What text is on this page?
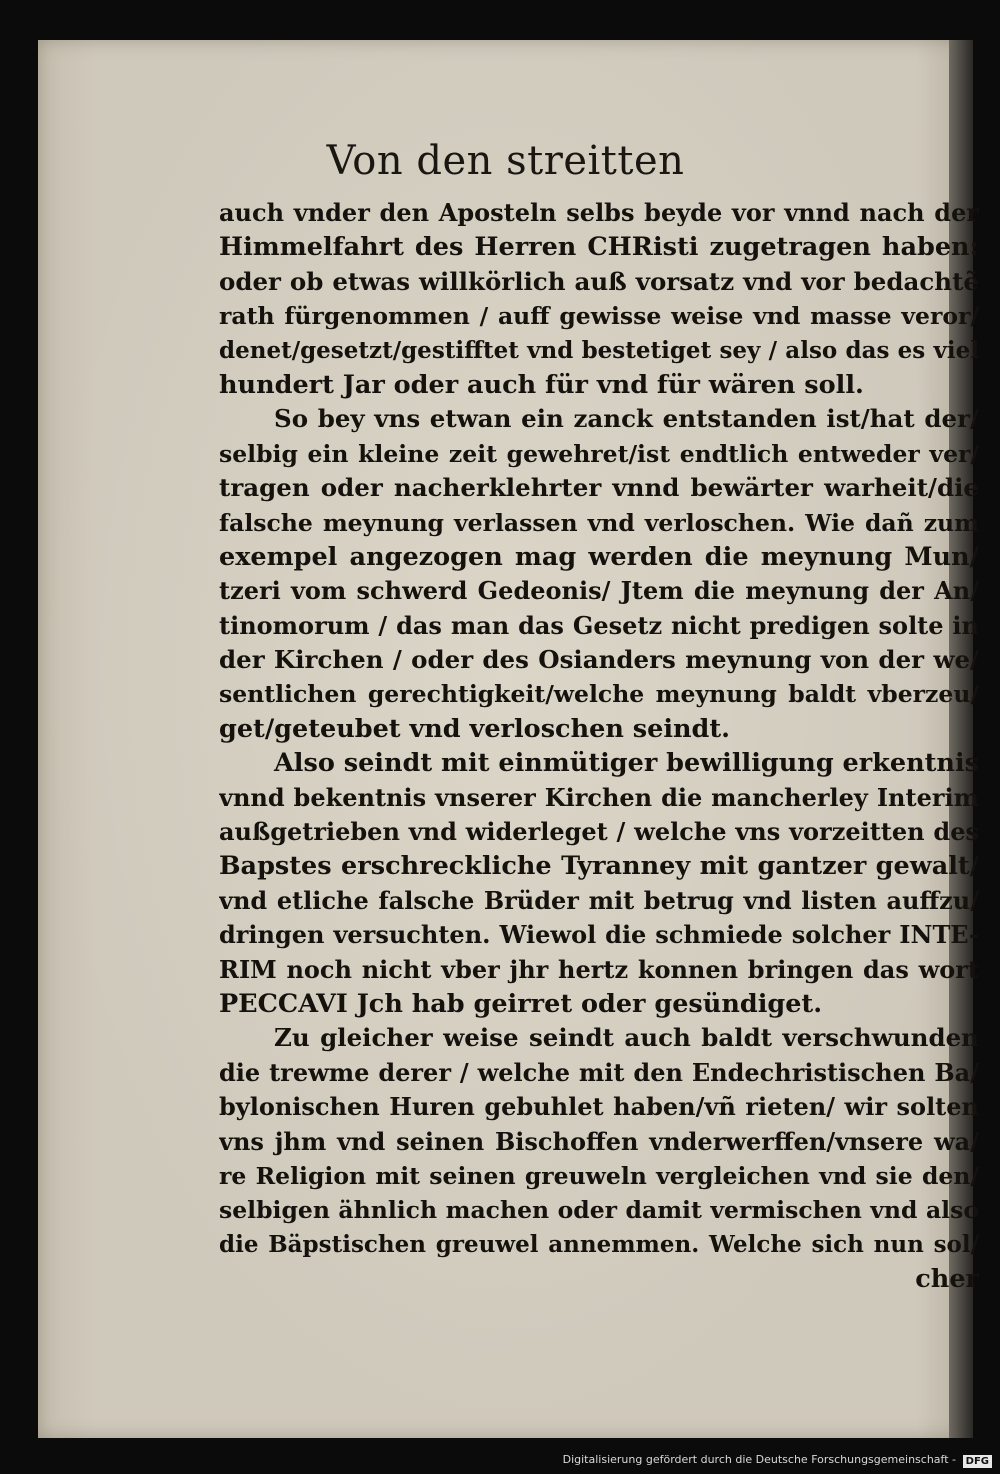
Von den streitten
auch vnder den Aposteln selbs beyde vor vnnd nach der
Himmelfahrt des Herren CHRisti zugetragen haben:
oder ob etwas willkörlich auß vorsatz vnd vor bedachtẽ
rath fürgenommen / auff gewisse weise vnd masse veror/
denet/gesetzt/gestifftet vnd bestetiget sey / also das es viel
hundert Jar oder auch für vnd für wären soll.
So bey vns etwan ein zanck entstanden ist/hat der/
selbig ein kleine zeit gewehret/ist endtlich entweder ver/
tragen oder nacherklehrter vnnd bewärter warheit/die
falsche meynung verlassen vnd verloschen. Wie dañ zum
exempel angezogen mag werden die meynung Mun/
tzeri vom schwerd Gedeonis/ Jtem die meynung der An/
tinomorum / das man das Gesetz nicht predigen solte in
der Kirchen / oder des Osianders meynung von der we/
sentlichen gerechtigkeit/welche meynung baldt vberzeu/
get/geteubet vnd verloschen seindt.
Also seindt mit einmütiger bewilligung erkentnis
vnnd bekentnis vnserer Kirchen die mancherley Interim
außgetrieben vnd widerleget / welche vns vorzeitten des
Bapstes erschreckliche Tyranney mit gantzer gewalt/
vnd etliche falsche Brüder mit betrug vnd listen auffzu/
dringen versuchten. Wiewol die schmiede solcher INTE-
RIM noch nicht vber jhr hertz konnen bringen das wort
PECCAVI Jch hab geirret oder gesündiget.
Zu gleicher weise seindt auch baldt verschwunden
die trewme derer / welche mit den Endechristischen Ba/
bylonischen Huren gebuhlet haben/vñ rieten/ wir solten
vns jhm vnd seinen Bischoffen vnderwerffen/vnsere wa/
re Religion mit seinen greuweln vergleichen vnd sie den/
selbigen ähnlich machen oder damit vermischen vnd also
die Bäpstischen greuwel annemmen. Welche sich nun sol/
cher
Digitalisierung gefördert durch die Deutsche Forschungsgemeinschaft - DFG
